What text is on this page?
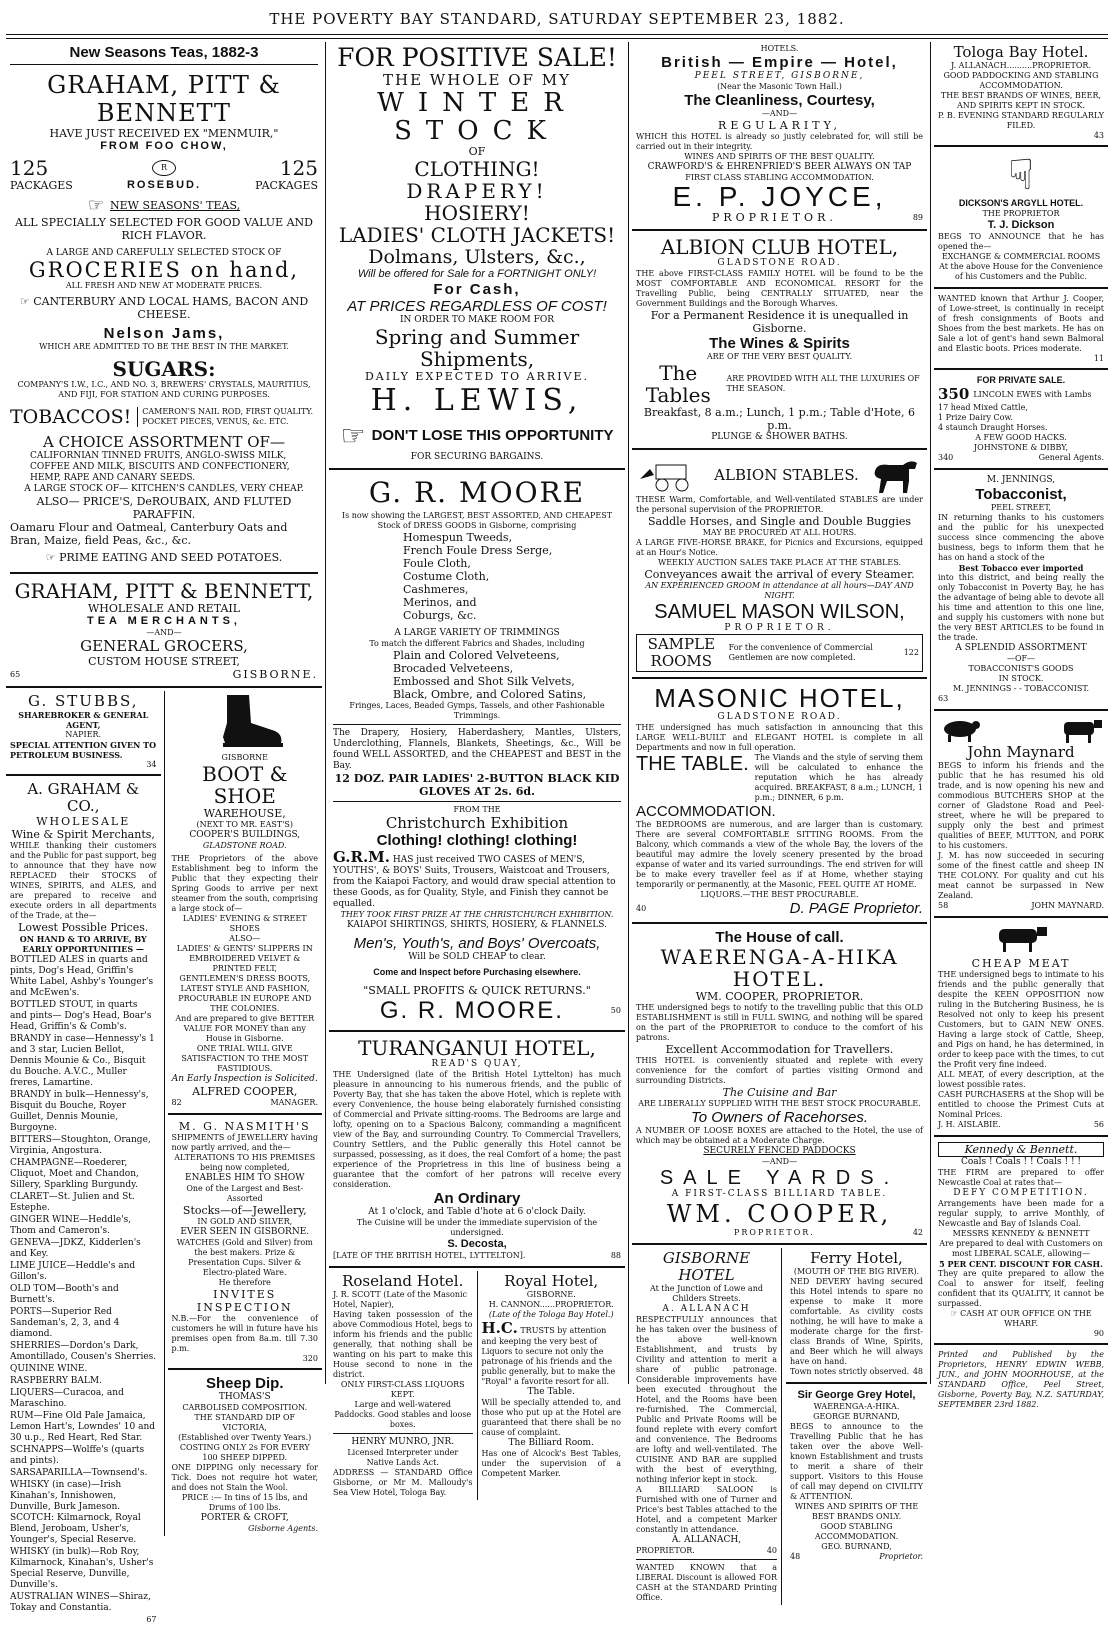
THE POVERTY BAY STANDARD, SATURDAY SEPTEMBER 23, 1882.
New Seasons Teas, 1882-3
GRAHAM, PITT & BENNETT
HAVE JUST RECEIVED EX "MENMUIR,"
FROM FOO CHOW,
125	R	125
PACKAGES	ROSEBUD.	PACKAGES
☞ NEW SEASONS' TEAS,
ALL SPECIALLY SELECTED FOR GOOD VALUE AND RICH FLAVOR.
A LARGE AND CAREFULLY SELECTED STOCK OF
GROCERIES on hand,
ALL FRESH AND NEW AT MODERATE PRICES.
☞ CANTERBURY AND LOCAL HAMS, BACON AND CHEESE.
Nelson Jams,
WHICH ARE ADMITTED TO BE THE BEST IN THE MARKET.
SUGARS:
COMPANY'S I.W., I.C., AND NO. 3, BREWERS' CRYSTALS, MAURITIUS, AND FIJI, FOR STATION AND CURING PURPOSES.
TOBACCOS!	CAMERON'S NAIL ROD, FIRST QUALITY. POCKET PIECES, VENUS, &c. ETC.
A CHOICE ASSORTMENT OF—
CALIFORNIAN TINNED FRUITS, ANGLO-SWISS MILK, COFFEE AND MILK, BISCUITS AND CONFECTIONERY, HEMP, RAPE AND CANARY SEEDS.
A LARGE STOCK OF— KITCHEN'S CANDLES, VERY CHEAP.
ALSO— PRICE'S, DeROUBAIX, AND FLUTED PARAFFIN.
Oamaru Flour and Oatmeal, Canterbury Oats and Bran, Maize, field Peas, &c., &c.
☞ PRIME EATING AND SEED POTATOES.
GRAHAM, PITT & BENNETT,
WHOLESALE AND RETAIL
TEA MERCHANTS,
—AND—
GENERAL GROCERS,
CUSTOM HOUSE STREET,
65	GISBORNE.
G. STUBBS,
SHAREBROKER & GENERAL AGENT,
NAPIER.
SPECIAL ATTENTION GIVEN TO PETROLEUM BUSINESS.
34
A. GRAHAM & CO.,
WHOLESALE
Wine & Spirit Merchants,
WHILE thanking their customers and the Public for past support, beg to announce that they have now REPLACED their STOCKS of WINES, SPIRITS, and ALES, and are prepared to receive and execute orders in all departments of the Trade, at the—
Lowest Possible Prices.
ON HAND & TO ARRIVE, BY EARLY OPPORTUNITIES —

BOTTLED ALES in quarts and pints, Dog's Head, Griffin's White Label, Ashby's Younger's and McEwen's.

BOTTLED STOUT, in quarts and pints— Dog's Head, Boar's Head, Griffin's & Comb's.

BRANDY in case—Hennessy's 1 and 3 star, Lucien Bellot, Dennis Mounie & Co., Bisquit du Bouche. A.V.C., Muller freres, Lamartine.

BRANDY in bulk—Hennessy's, Bisquit du Bouche, Royer Guillet, Dennis Mounie, Burgoyne.

BITTERS—Stoughton, Orange, Virginia, Angostura.

CHAMPAGNE—Roederer, Cliquot, Moet and Chandon, Sillery, Sparkling Burgundy.

CLARET—St. Julien and St. Estephe.

GINGER WINE—Heddle's, Thom and Cameron's.

GENEVA—JDKZ, Kidderlen's and Key.

LIME JUICE—Heddle's and Gillon's.

OLD TOM—Booth's and Burnett's.

PORTS—Superior Red Sandeman's, 2, 3, and 4 diamond.

SHERRIES—Dordon's Dark, Amontillado, Cousen's Sherries.

QUININE WINE.

RASPBERRY BALM.

LIQUERS—Curacoa, and Maraschino.

RUM—Fine Old Pale Jamaica, Lemon Hart's, Lowndes' 10 and 30 u.p., Red Heart, Red Star.

SCHNAPPS—Wolffe's (quarts and pints).

SARSAPARILLA—Townsend's.

WHISKY (in case)—Irish Kinahan's, Innishowen, Dunville, Burk Jameson. SCOTCH: Kilmarnock, Royal Blend, Jeroboam, Usher's, Younger's, Special Reserve.

WHISKY (in bulk)—Rob Roy, Kilmarnock, Kinahan's, Usher's Special Reserve, Dunville, Dunville's.

AUSTRALIAN WINES—Shiraz, Tokay and Constantia.

67
GISBORNE
BOOT & SHOE
WAREHOUSE,
(NEXT TO MR. EAST'S)
COOPER'S BUILDINGS,
GLADSTONE ROAD.
THE Proprietors of the above Establishment beg to inform the Public that they expecting their Spring Goods to arrive per next steamer from the south, comprising a large stock of—
LADIES' EVENING & STREET SHOES
ALSO—
LADIES' & GENTS' SLIPPERS IN EMBROIDERED VELVET & PRINTED FELT,
GENTLEMEN'S DRESS BOOTS, LATEST STYLE AND FASHION,
PROCURABLE IN EUROPE AND THE COLONIES.
And are prepared to give BETTER VALUE FOR MONEY than any House in Gisborne.
ONE TRIAL WILL GIVE SATISFACTION TO THE MOST FASTIDIOUS.
An Early Inspection is Solicited.
ALFRED COOPER,
82	MANAGER.
M. G. NASMITH'S
SHIPMENTS of JEWELLERY having now partly arrived, and the—
ALTERATIONS TO HIS PREMISES being now completed,
ENABLES HIM TO SHOW
One of the Largest and Best-Assorted
Stocks—of—Jewellery,
IN GOLD AND SILVER,
EVER SEEN IN GISBORNE.
WATCHES (Gold and Silver) from the best makers. Prize & Presentation Cups. Silver & Electro-plated Ware.
He therefore
INVITES INSPECTION
N.B.—For the convenience of customers he will in future have his premises open from 8a.m. till 7.30 p.m.
320
Sheep Dip.
THOMAS'S
CARBOLISED COMPOSITION.
THE STANDARD DIP OF VICTORIA,
(Established over Twenty Years.)
COSTING ONLY 2s FOR EVERY 100 SHEEP DIPPED.
ONE DIPPING only necessary for Tick. Does not require hot water, and does not Stain the Wool.
PRICE :— In tins of 15 lbs, and Drums of 100 lbs.
PORTER & CROFT,
Gisborne Agents.
FOR POSITIVE SALE!
THE WHOLE OF MY
WINTER STOCK
OF
CLOTHING!
DRAPERY!
HOSIERY!
LADIES' CLOTH JACKETS!
Dolmans, Ulsters, &c.,
Will be offered for Sale for a FORTNIGHT ONLY!
For Cash,
AT PRICES REGARDLESS OF COST!
IN ORDER TO MAKE ROOM FOR
Spring and Summer Shipments,
DAILY EXPECTED TO ARRIVE.
H. LEWIS,
☞ DON'T LOSE THIS OPPORTUNITY
FOR SECURING BARGAINS.
G. R. MOORE
Is now showing the LARGEST, BEST ASSORTED, AND CHEAPEST Stock of DRESS GOODS in Gisborne, comprising
Homespun Tweeds,
French Foule Dress Serge,
Foule Cloth,
Costume Cloth,
Cashmeres,
Merinos, and
Coburgs, &c.
A LARGE VARIETY OF TRIMMINGS
To match the different Fabrics and Shades, including
Plain and Colored Velveteens,
Brocaded Velveteens,
Embossed and Shot Silk Velvets,
Black, Ombre, and Colored Satins,
Fringes, Laces, Beaded Gymps, Tassels, and other Fashionable Trimmings.
The Drapery, Hosiery, Haberdashery, Mantles, Ulsters, Underclothing, Flannels, Blankets, Sheetings, &c., Will be found WELL ASSORTED, and the CHEAPEST and BEST in the Bay.
12 DOZ. PAIR LADIES' 2-BUTTON BLACK KID GLOVES AT 2s. 6d.
FROM THE
Christchurch Exhibition
Clothing! clothing! clothing!
G.R.M. HAS just received TWO CASES of MEN'S, YOUTHS', & BOYS' Suits, Trousers, Waistcoat and Trousers, from the Kaiapoi Factory, and would draw special attention to these Goods, as for Quality, Style, and Finish they cannot be equalled.
THEY TOOK FIRST PRIZE AT THE CHRISTCHURCH EXHIBITION.
KAIAPOI SHIRTINGS, SHIRTS, HOSIERY, & FLANNELS.
Men's, Youth's, and Boys' Overcoats,
Will be SOLD CHEAP to clear.
Come and Inspect before Purchasing elsewhere.
"SMALL PROFITS & QUICK RETURNS."
G. R. MOORE.	50
TURANGANUI HOTEL,
READ'S QUAY,
THE Undersigned (late of the British Hotel Lyttelton) has much pleasure in announcing to his numerous friends, and the public of Poverty Bay, that she has taken the above Hotel, which is replete with every Convenience, the house being elaborately furnished consisting of Commercial and Private sitting-rooms. The Bedrooms are large and lofty, opening on to a Spacious Balcony, commanding a magnificent view of the Bay, and surrounding Country. To Commercial Travellers, Country Settlers, and the Public generally this Hotel cannot be surpassed, possessing, as it does, the real Comfort of a home; the past experience of the Proprietress in this line of business being a guarantee that the comfort of her patrons will receive every consideration.
An Ordinary
At 1 o'clock, and Table d'hote at 6 o'clock Daily.
The Cuisine will be under the immediate supervision of the undersigned.
S. Decosta,
[LATE OF THE BRITISH HOTEL, LYTTELTON].	88
Roseland Hotel.
J. R. SCOTT (Late of the Masonic Hotel, Napier),
Having taken possession of the above Commodious Hotel, begs to inform his friends and the public generally, that nothing shall be wanting on his part to make this House second to none in the district.
ONLY FIRST-CLASS LIQUORS KEPT.
Large and well-watered Paddocks. Good stables and loose boxes.
HENRY MUNRO, JNR.
Licensed Interpreter under Native Lands Act.
ADDRESS — STANDARD Office Gisborne, or Mr M. Malloudy's Sea View Hotel, Tologa Bay.
Royal Hotel,
GISBORNE.
H. CANNON......PROPRIETOR.
(Late of the Tologa Bay Hotel.)
H.C. TRUSTS by attention and keeping the very best of Liquors to secure not only the patronage of his friends and the public generally, but to make the "Royal" a favorite resort for all.
The Table.
Will be specially attended to, and those who put up at the Hotel are guaranteed that there shall be no cause of complaint.
The Billiard Room.
Has one of Alcock's Best Tables, under the supervision of a Competent Marker.
HOTELS.
British — Empire — Hotel,
PEEL STREET, GISBORNE,
(Near the Masonic Town Hall.)
The Cleanliness, Courtesy,
—AND—
REGULARITY,
WHICH this HOTEL is already so justly celebrated for, will still be carried out in their integrity.
WINES AND SPIRITS OF THE BEST QUALITY.
CRAWFORD'S & EHRENFRIED'S BEER ALWAYS ON TAP
FIRST CLASS STABLING ACCOMMODATION.
E. P. JOYCE,
PROPRIETOR.	89
ALBION CLUB HOTEL,
GLADSTONE ROAD.
THE above FIRST-CLASS FAMILY HOTEL will be found to be the MOST COMFORTABLE AND ECONOMICAL RESORT for the Travelling Public, being CENTRALLY SITUATED, near the Government Buildings and the Borough Wharves.
For a Permanent Residence it is unequalled in Gisborne.
The Wines & Spirits
ARE OF THE VERY BEST QUALITY.
The Tables
ARE PROVIDED WITH ALL THE LUXURIES OF THE SEASON.
Breakfast, 8 a.m.; Lunch, 1 p.m.; Table d'Hote, 6 p.m.
PLUNGE & SHOWER BATHS.
ALBION STABLES.
THESE Warm, Comfortable, and Well-ventilated STABLES are under the personal supervision of the PROPRIETOR.
Saddle Horses, and Single and Double Buggies
MAY BE PROCURED AT ALL HOURS.
A LARGE FIVE-HORSE BRAKE, for Picnics and Excursions, equipped at an Hour's Notice.
WEEKLY AUCTION SALES TAKE PLACE AT THE STABLES.
Conveyances await the arrival of every Steamer.
AN EXPERIENCED GROOM in attendance at all hours—DAY AND NIGHT.
SAMUEL MASON WILSON,
PROPRIETOR.
SAMPLE ROOMS
For the convenience of Commercial Gentlemen are now completed.
122
MASONIC HOTEL,
GLADSTONE ROAD.
THE undersigned has much satisfaction in announcing that this LARGE WELL-BUILT and ELEGANT HOTEL is complete in all Departments and now in full operation.
THE TABLE. The Viands and the style of serving them will be calculated to enhance the reputation which he has already acquired. BREAKFAST, 8 a.m.; LUNCH, 1 p.m.; DINNER, 6 p.m.
ACCOMMODATION.
The BEDROOMS are numerous, and are larger than is customary. There are several COMFORTABLE SITTING ROOMS. From the Balcony, which commands a view of the whole Bay, the lovers of the beautiful may admire the lovely scenery presented by the broad expanse of water and its varied surroundings. The end striven for will be to make every traveller feel as if at Home, whether staying temporarily or permanently, at the Masonic, FEEL QUITE AT HOME.
LIQUORS.—THE BEST PROCURABLE.
40	D. PAGE Proprietor.
The House of call.
WAERENGA-A-HIKA HOTEL.
WM. COOPER, PROPRIETOR.
THE undersigned begs to notify to the travelling public that this OLD ESTABLISHMENT is still in FULL SWING, and nothing will be spared on the part of the PROPRIETOR to conduce to the comfort of his patrons.
Excellent Accommodation for Travellers.
THIS HOTEL is conveniently situated and replete with every convenience for the comfort of parties visiting Ormond and surrounding Districts.
The Cuisine and Bar
ARE LIBERALLY SUPPLIED WITH THE BEST STOCK PROCURABLE.
To Owners of Racehorses.
A NUMBER OF LOOSE BOXES are attached to the Hotel, the use of which may be obtained at a Moderate Charge.
SECURELY FENCED PADDOCKS
—AND—
SALE YARDS.
A FIRST-CLASS BILLIARD TABLE.
WM. COOPER,
PROPRIETOR.	42
GISBORNE HOTEL
At the Junction of Lowe and Childers Streets.
A. ALLANACH
RESPECTFULLY announces that he has taken over the business of the above well-known Establishment, and trusts by Civility and attention to merit a share of public patronage. Considerable improvements have been executed throughout the Hotel, and the Rooms have been re-furnished. The Commercial, Public and Private Rooms will be found replete with every comfort and convenience. The Bedrooms are lofty and well-ventilated. The CUISINE AND BAR are supplied with the best of everything, nothing inferior kept in stock.
A BILLIARD SALOON is Furnished with one of Turner and Price's best Tables attached to the Hotel, and a competent Marker constantly in attendance.
A. ALLANACH,
PROPRIETOR.	40
WANTED KNOWN that a LIBERAL Discount is allowed FOR CASH at the STANDARD Printing Office.
Ferry Hotel,
(MOUTH OF THE BIG RIVER).
NED DEVERY having secured this Hotel intends to spare no expense to make it more comfortable. As civility costs nothing, he will have to make a moderate charge for the first-class Brands of Wine, Spirits, and Beer which he will always have on hand.
Town notes strictly observed. 48
Sir George Grey Hotel,
WAERENGA-A-HIKA.
GEORGE BURNAND,
BEGS to announce to the Travelling Public that he has taken over the above Well-known Establishment and trusts to merit a share of their support. Visitors to this House of call may depend on CIVILITY & ATTENTION.
WINES AND SPIRITS OF THE BEST BRANDS ONLY.
GOOD STABLING ACCOMMODATION.
GEO. BURNAND,
48	Proprietor.
Tologa Bay Hotel.
J. ALLANACH..........PROPRIETOR.
GOOD PADDOCKING AND STABLING ACCOMMODATION.
THE BEST BRANDS OF WINES, BEER, AND SPIRITS KEPT IN STOCK.
P. B. EVENING STANDARD REGULARLY FILED.
43
☟
DICKSON'S ARGYLL HOTEL.
THE PROPRIETOR
T. J. Dickson
BEGS TO ANNOUNCE that he has opened the—
EXCHANGE & COMMERCIAL ROOMS
At the above House for the Convenience of his Customers and the Public.
WANTED known that Arthur J. Cooper, of Lowe-street, is continually in receipt of fresh consignments of Boots and Shoes from the best markets. He has on Sale a lot of gent's hand sewn Balmoral and Elastic boots. Prices moderate.
11
FOR PRIVATE SALE.
350 LINCOLN EWES with Lambs
17 head Mixed Cattle,
1 Prize Dairy Cow.
4 staunch Draught Horses.
A FEW GOOD HACKS.
JOHNSTONE & DIBBY,
340	General Agents.
M. JENNINGS,
Tobacconist,
PEEL STREET,
IN returning thanks to his customers and the public for his unexpected success since commencing the above business, begs to inform them that he has on hand a stock of the
Best Tobacco ever imported
into this district, and being really the only Tobacconist in Poverty Bay, he has the advantage of being able to devote all his time and attention to this one line, and supply his customers with none but the very BEST ARTICLES to be found in the trade.
A SPLENDID ASSORTMENT
—OF—
TOBACCONIST'S GOODS
IN STOCK.
M. JENNINGS - - TOBACCONIST.
63
John Maynard
BEGS to inform his friends and the public that he has resumed his old trade, and is now opening his new and commodious BUTCHERS SHOP at the corner of Gladstone Road and Peel-street, where he will be prepared to supply only the best and primest qualities of BEEF, MUTTON, and PORK to his customers.
J. M. has now succeeded in securing some of the finest cattle and sheep IN THE COLONY. For quality and cut his meat cannot be surpassed in New Zealand.
58	JOHN MAYNARD.
CHEAP MEAT
THE undersigned begs to intimate to his friends and the public generally that despite the KEEN OPPOSITION now ruling in the Butchering Business, he is Resolved not only to keep his present Customers, but to GAIN NEW ONES. Having a large stock of Cattle, Sheep, and Pigs on hand, he has determined, in order to keep pace with the times, to cut the Profit very fine indeed.
ALL MEAT, of every description, at the lowest possible rates.
CASH PURCHASERS at the Shop will be entitled to choose the Primest Cuts at Nominal Prices.
J. H. AISLABIE.	56
Kennedy & Bennett.
Coals ! Coals ! ! Coals ! ! !
THE FIRM are prepared to offer Newcastle Coal at rates that—
DEFY COMPETITION.
Arrangements have been made for a regular supply, to arrive Monthly, of Newcastle and Bay of Islands Coal.
MESSRS KENNEDY & BENNETT
Are prepared to deal with Customers on most LIBERAL SCALE, allowing—
5 PER CENT. DISCOUNT FOR CASH.
They are quite prepared to allow the Coal to answer for itself, feeling confident that its QUALITY, it cannot be surpassed.
☞ CASH AT OUR OFFICE ON THE WHARF.
90
Printed and Published by the Proprietors, HENRY EDWIN WEBB, JUN., and JOHN MOORHOUSE, at the STANDARD Office, Peel Street, Gisborne, Poverty Bay, N.Z. SATURDAY, SEPTEMBER 23rd 1882.
